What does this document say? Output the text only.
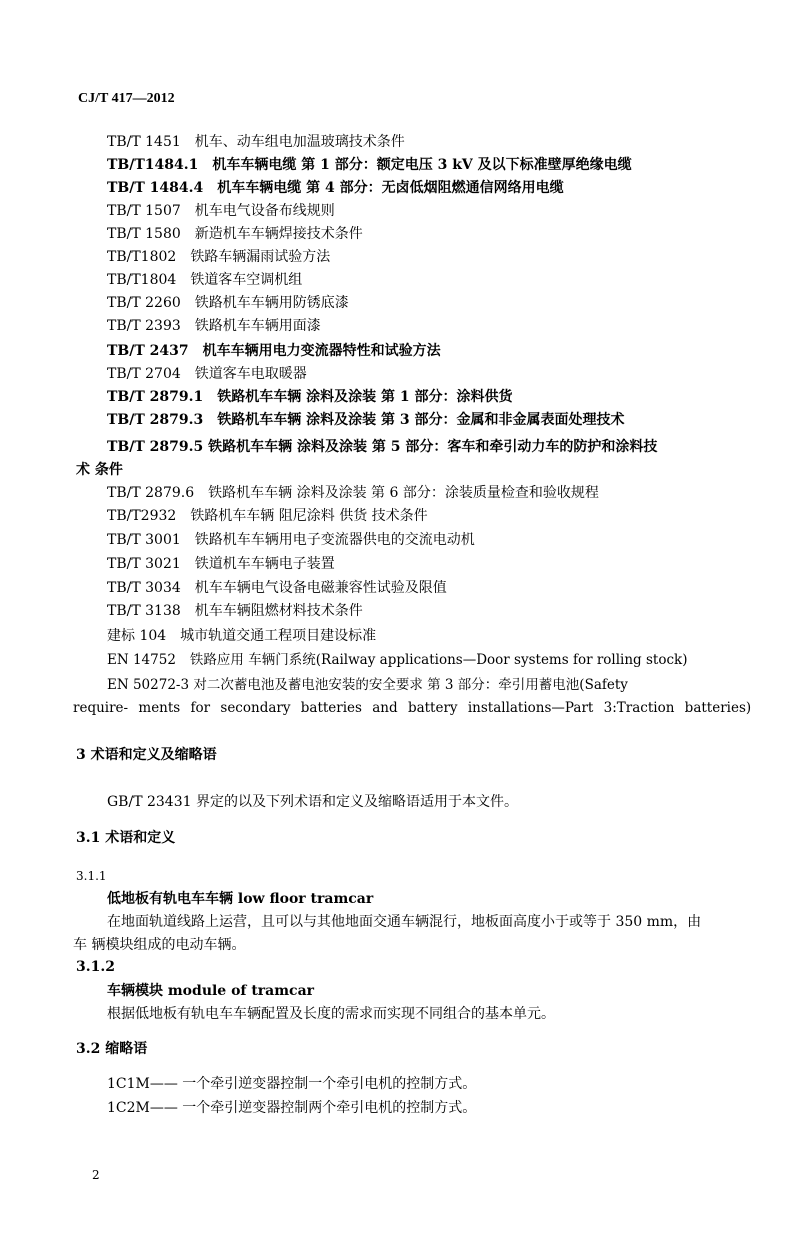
CJ/T 417—2012
TB/T 1451 机车、动车组电加温玻璃技术条件
TB/T1484.1 机车车辆电缆 第 1 部分：额定电压 3 kV 及以下标准壁厚绝缘电缆
TB/T 1484.4 机车车辆电缆 第 4 部分：无卤低烟阻燃通信网络用电缆
TB/T 1507 机车电气设备布线规则
TB/T 1580 新造机车车辆焊接技术条件
TB/T1802 铁路车辆漏雨试验方法
TB/T1804 铁道客车空调机组
TB/T 2260 铁路机车车辆用防锈底漆
TB/T 2393 铁路机车车辆用面漆
TB/T 2437 机车车辆用电力变流器特性和试验方法
TB/T 2704 铁道客车电取暖器
TB/T 2879.1 铁路机车车辆 涂料及涂装 第 1 部分：涂料供货
TB/T 2879.3 铁路机车车辆 涂料及涂装 第 3 部分：金属和非金属表面处理技术
TB/T 2879.5 铁路机车车辆 涂料及涂装 第 5 部分：客车和牵引动力车的防护和涂料技
术 条件
TB/T 2879.6 铁路机车车辆 涂料及涂装 第 6 部分：涂装质量检查和验收规程
TB/T2932 铁路机车车辆 阻尼涂料 供货 技术条件
TB/T 3001 铁路机车车辆用电子变流器供电的交流电动机
TB/T 3021 铁道机车车辆电子装置
TB/T 3034 机车车辆电气设备电磁兼容性试验及限值
TB/T 3138 机车车辆阻燃材料技术条件
建标 104 城市轨道交通工程项目建设标准
EN 14752 铁路应用 车辆门系统(Railway applications—Door systems for rolling stock)
EN 50272-3 对二次蓄电池及蓄电池安装的安全要求 第 3 部分：牵引用蓄电池(Safety
require- ments for secondary batteries and battery installations—Part 3:Traction batteries)
3 术语和定义及缩略语
GB/T 23431 界定的以及下列术语和定义及缩略语适用于本文件。
3.1 术语和定义
3.1.1
低地板有轨电车车辆 low floor tramcar
在地面轨道线路上运营，且可以与其他地面交通车辆混行，地板面高度小于或等于 350 mm，由
车 辆模块组成的电动车辆。
3.1.2
车辆模块 module of tramcar
根据低地板有轨电车车辆配置及长度的需求而实现不同组合的基本单元。
3.2 缩略语
1C1M—— 一个牵引逆变器控制一个牵引电机的控制方式。
1C2M—— 一个牵引逆变器控制两个牵引电机的控制方式。
2
